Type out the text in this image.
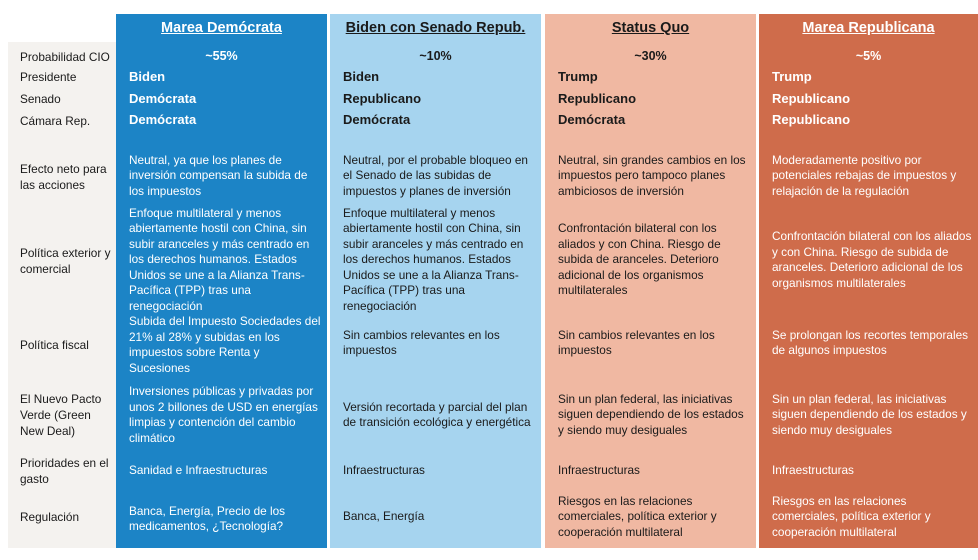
Probabilidad CIO
Presidente
Senado
Cámara Rep.
Efecto neto para las acciones
Política exterior y comercial
Política fiscal
El Nuevo Pacto Verde (Green New Deal)
Prioridades en el gasto
Regulación
Marea Demócrata
~55%
Biden
Demócrata
Demócrata
Neutral, ya que los planes de inversión compensan la subida de los impuestos
Enfoque multilateral y menos abiertamente hostil con China, sin subir aranceles y más centrado en los derechos humanos. Estados Unidos se une a la Alianza Trans-Pacífica (TPP) tras una renegociación
Subida del Impuesto Sociedades del 21% al 28% y subidas en los impuestos sobre Renta y Sucesiones
Inversiones públicas y privadas por unos 2 billones de USD en energías limpias y contención del cambio climático
Sanidad e Infraestructuras
Banca, Energía, Precio de los medicamentos, ¿Tecnología?
Biden con Senado Repub.
~10%
Biden
Republicano
Demócrata
Neutral, por el probable bloqueo en el Senado de las subidas de impuestos y planes de inversión
Enfoque multilateral y menos abiertamente hostil con China, sin subir aranceles y más centrado en los derechos humanos. Estados Unidos se une a la Alianza Trans-Pacífica (TPP) tras una renegociación
Sin cambios relevantes en los impuestos
Versión recortada y parcial del plan de transición ecológica y energética
Infraestructuras
Banca, Energía
Status Quo
~30%
Trump
Republicano
Demócrata
Neutral, sin grandes cambios en los impuestos pero tampoco planes ambiciosos de inversión
Confrontación bilateral con los aliados y con China. Riesgo de subida de aranceles. Deterioro adicional de los organismos multilaterales
Sin cambios relevantes en los impuestos
Sin un plan federal, las iniciativas siguen dependiendo de los estados y siendo muy desiguales
Infraestructuras
Riesgos en las relaciones comerciales, política exterior y cooperación multilateral
Marea Republicana
~5%
Trump
Republicano
Republicano
Moderadamente positivo por potenciales rebajas de impuestos y relajación de la regulación
Confrontación bilateral con los aliados y con China. Riesgo de subida de aranceles. Deterioro adicional de los organismos multilaterales
Se prolongan los recortes temporales de algunos impuestos
Sin un plan federal, las iniciativas siguen dependiendo de los estados y siendo muy desiguales
Infraestructuras
Riesgos en las relaciones comerciales, política exterior y cooperación multilateral
